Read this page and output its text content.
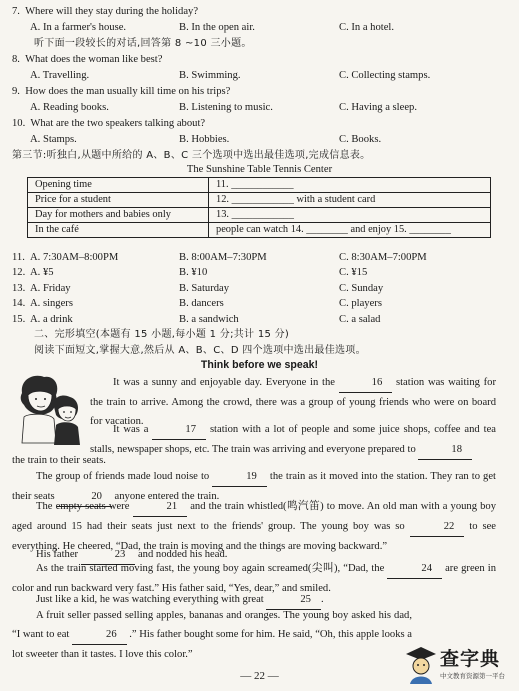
7. Where will they stay during the holiday?
A. In a farmer's house.	B. In the open air.	C. In a hotel.
听下面一段较长的对话,回答第 8 ~10 三小题。
8. What does the woman like best?
A. Travelling.	B. Swimming.	C. Collecting stamps.
9. How does the man usually kill time on his trips?
A. Reading books.	B. Listening to music.	C. Having a sleep.
10. What are the two speakers talking about?
A. Stamps.	B. Hobbies.	C. Books.
第三节:听独白,从题中所给的 A、B、C 三个选项中选出最佳选项,完成信息表。
The Sunshine Table Tennis Center
Opening time	11. ____________
Price for a student	12. ____________ with a student card
Day for mothers and babies only	13. ____________
In the café	people can watch 14. ________ and enjoy 15. ________
11. A. 7:30AM–8:00PM	B. 8:00AM–7:30PM	C. 8:30AM–7:00PM
12. A. ¥5	B. ¥10	C. ¥15
13. A. Friday	B. Saturday	C. Sunday
14. A. singers	B. dancers	C. players
15. A. a drink	B. a sandwich	C. a salad
二、完形填空(本题有 15 小题,每小题 1 分;共计 15 分)
阅读下面短文,掌握大意,然后从 A、B、C、D 四个选项中选出最佳选项。
Think before we speak!
It was a sunny and enjoyable day. Everyone in the	16 station was waiting for the train to arrive. Among the crowd, there was a group of young friends who were on board for vacation.
It was a	17 station with a lot of people and some juice shops, coffee and tea stalls, newspaper shops, etc. The train was arriving and everyone prepared to	18
the train to their seats.
The group of friends made loud noise to	19 the train as it moved into the station. They ran to get their seats	20 anyone entered the train.
The empty seats were	21 and the train whistled(鸣汽笛) to move. An old man with a young boy aged around 15 had their seats just next to the friends' group. The young boy was so	22 to see everything. He cheered, “Dad, the train is moving and the things are moving backward.”
His father	23 and nodded his head.
As the train started moving fast, the young boy again screamed(尖叫), “Dad, the	24 are green in color and run backward very fast.” His father said, “Yes, dear,” and smiled.
Just like a kid, he was watching everything with great	25 .
A fruit seller passed selling apples, bananas and oranges. The young boy asked his dad, “I want to eat	26 .” His father bought some for him. He said, “Oh, this apple looks a lot sweeter than it tastes. I love this color.”
— 22 —
查字典
中文教育资源第一平台
